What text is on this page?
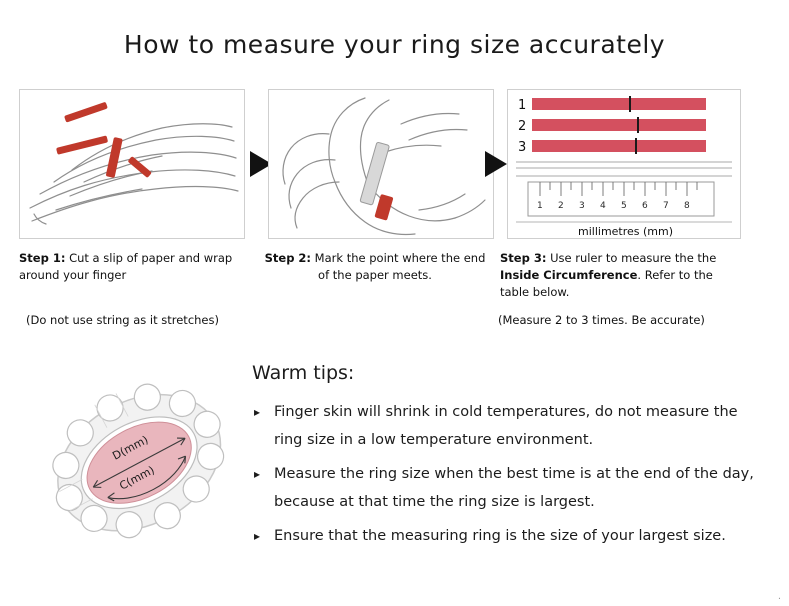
How to measure your ring size accurately
1
2
3
1 2 3 4 5 6 7 8
millimetres (mm)
Step 1: Cut a slip of paper and wrap around your finger
Step 2: Mark the point where the end of the paper meets.
Step 3: Use ruler to measure the the Inside Circumference. Refer to the table below.
(Do not use string as it stretches)	(Measure 2 to 3 times. Be accurate)
D(mm)
C(mm)
Warm tips:
▸ Finger skin will shrink in cold temperatures, do not measure the ring size in a low temperature environment.
▸ Measure the ring size when the best time is at the end of the day, because at that time the ring size is largest.
▸ Ensure that the measuring ring is the size of your largest size.
.
